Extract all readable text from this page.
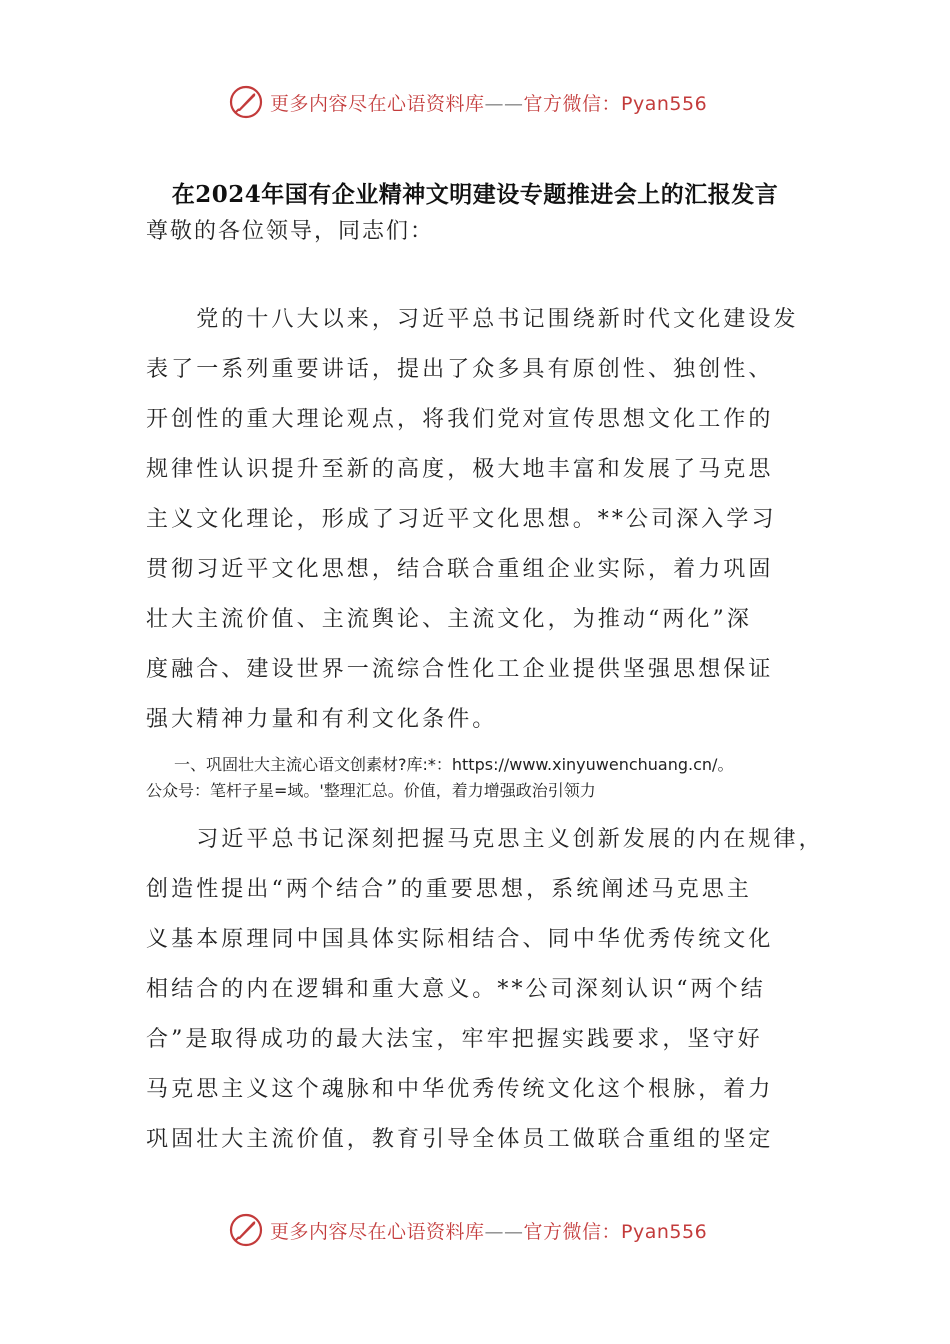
更多内容尽在心语资料库——官方微信：Pyan556
在2024年国有企业精神文明建设专题推进会上的汇报发言
尊敬的各位领导，同志们：
　　党的十八大以来，习近平总书记围绕新时代文化建设发
表了一系列重要讲话，提出了众多具有原创性、独创性、
开创性的重大理论观点，将我们党对宣传思想文化工作的
规律性认识提升至新的高度，极大地丰富和发展了马克思
主义文化理论，形成了习近平文化思想。**公司深入学习
贯彻习近平文化思想，结合联合重组企业实际，着力巩固
壮大主流价值、主流舆论、主流文化，为推动“两化”深
度融合、建设世界一流综合性化工企业提供坚强思想保证
强大精神力量和有利文化条件。
一、巩固壮大主流心语文创素材?库:*：https://www.xinyuwenchuang.cn/。
公众号：笔杆子星=域。'整理汇总。价值，着力增强政治引领力
　　习近平总书记深刻把握马克思主义创新发展的内在规律，
创造性提出“两个结合”的重要思想，系统阐述马克思主
义基本原理同中国具体实际相结合、同中华优秀传统文化
相结合的内在逻辑和重大意义。**公司深刻认识“两个结
合”是取得成功的最大法宝，牢牢把握实践要求，坚守好
马克思主义这个魂脉和中华优秀传统文化这个根脉，着力
巩固壮大主流价值，教育引导全体员工做联合重组的坚定
更多内容尽在心语资料库——官方微信：Pyan556
